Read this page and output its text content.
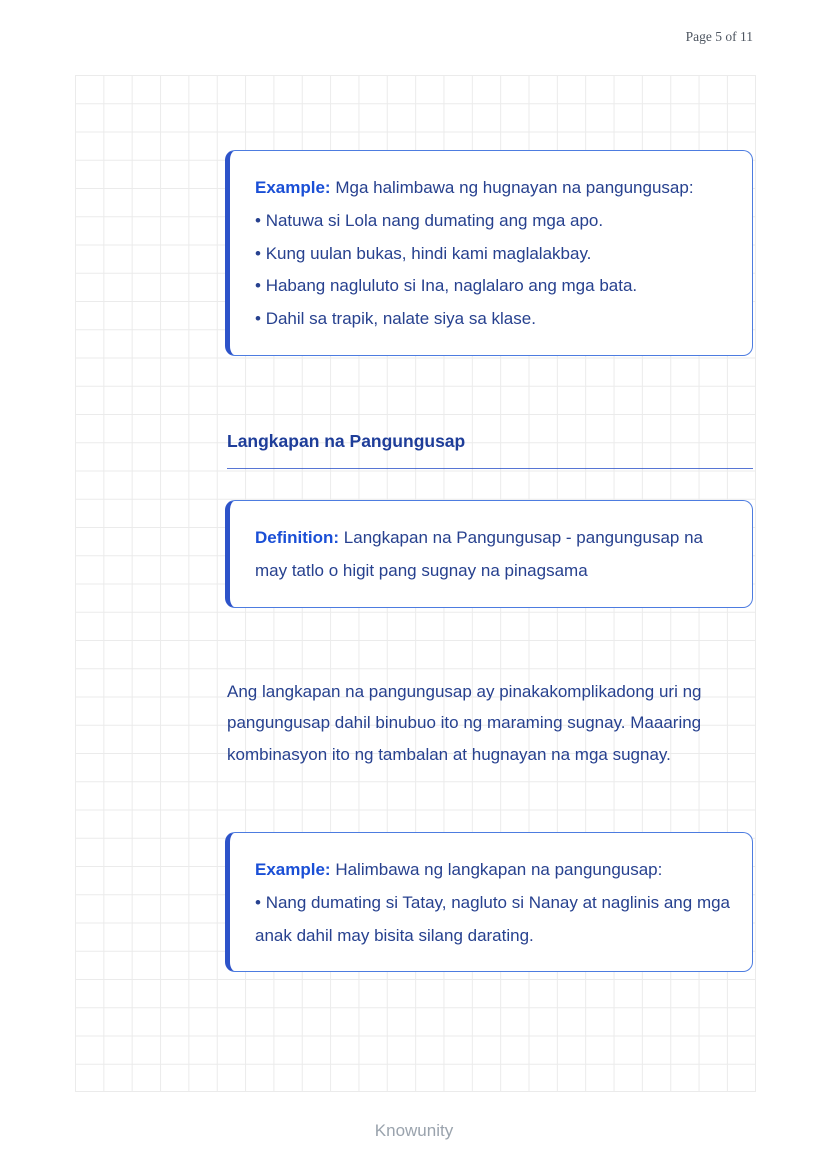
Page 5 of 11

Example: Mga halimbawa ng hugnayan na pangungusap:

• Natuwa si Lola nang dumating ang mga apo.
• Kung uulan bukas, hindi kami maglalakbay.
• Habang nagluluto si Ina, naglalaro ang mga bata.
• Dahil sa trapik, nalate siya sa klase.
Langkapan na Pangungusap

Definition: Langkapan na Pangungusap - pangungusap na may tatlo o higit pang sugnay na pinagsama

Ang langkapan na pangungusap ay pinakakomplikadong uri ng pangungusap dahil binubuo ito ng maraming sugnay. Maaaring kombinasyon ito ng tambalan at hugnayan na mga sugnay.

Example: Halimbawa ng langkapan na pangungusap:

• Nang dumating si Tatay, nagluto si Nanay at naglinis ang mga anak dahil may bisita silang darating.
Knowunity
